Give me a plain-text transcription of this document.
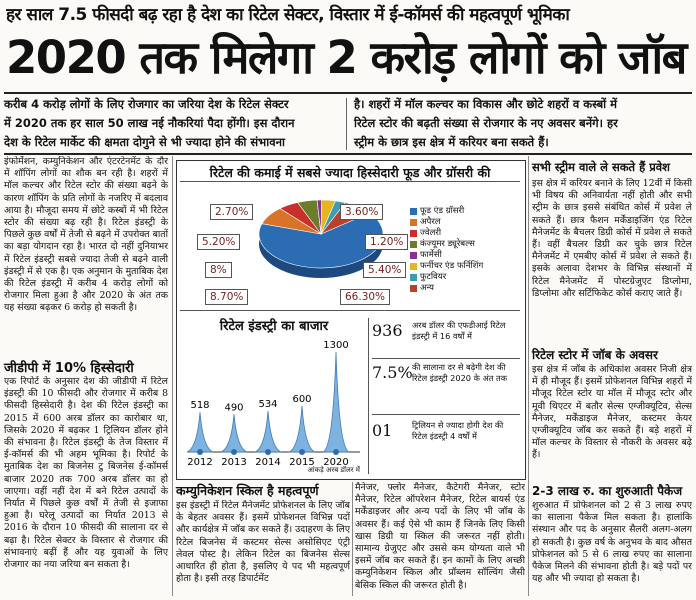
हर साल 7.5 फीसदी बढ़ रहा है देश का रिटेल सेक्टर, विस्तार में ई-कॉमर्स की महत्वपूर्ण भूमिका
2020 तक मिलेगा 2 करोड़ लोगों को जॉब
करीब 4 करोड़ लोगों के लिए रोजगार का जरिया देश के रिटेल सेक्टर
में 2020 तक हर साल 50 लाख नई नौकरियां पैदा होंगी। इस दौरान
देश के रिटेल मार्केट की क्षमता दोगुने से भी ज्यादा होने की संभावना
है। शहरों में मॉल कल्चर का विकास और छोटे शहरों व कस्बों में
रिटेल स्टोर की बढ़ती संख्या से रोजगार के नए अवसर बनेंगे। हर
स्ट्रीम के छात्र इस क्षेत्र में करियर बना सकते हैं।
इंफोर्मेशन, कम्युनिकेशन और एंटरटेनमेंट के दौर में शॉपिंग लोगों का शौक बन रही है। शहरों में मॉल कल्चर और रिटेल स्टोर की संख्या बढ़ने के कारण शॉपिंग के प्रति लोगों के नजरिए में बदलाव आया है। मौजूदा समय में छोटे कस्बों में भी रिटेल स्टोर की संख्या बढ़ रही है। रिटेल इंडस्ट्री के पिछले कुछ वर्षों में तेजी से बढ़ने में उपरोक्त बातों का बड़ा योगदान रहा है। भारत दो नहीं दुनियाभर में रिटेल इंडस्ट्री सबसे ज्यादा तेजी से बढ़ने वाली इंडस्ट्री में से एक है। एक अनुमान के मुताबिक देश की रिटेल इंडस्ट्री में करीब 4 करोड़ लोगों को रोजगार मिला हुआ है और 2020 के अंत तक यह संख्या बढ़कर 6 करोड़ हो सकती है।
जीडीपी में 10% हिस्सेदारी
एक रिपोर्ट के अनुसार देश की जीडीपी में रिटेल इंडस्ट्री की 10 फीसदी और रोजगार में करीब 8 फीसदी हिस्सेदारी है। देश की रिटेल इंडस्ट्री का 2015 में 600 अरब डॉलर का कारोबार था, जिसके 2020 में बढ़कर 1 ट्रिलियन डॉलर होने की संभावना है। रिटेल इंडस्ट्री के तेज विस्तार में ई-कॉमर्स की भी अहम भूमिका है। रिपोर्ट के मुताबिक देश का बिजनेस टु बिजनेस ई-कॉमर्स बाजार 2020 तक 700 अरब डॉलर का हो जाएगा। वहीं नहीं देश में बने रिटेल उत्पादों के निर्यात में पिछले कुछ वर्षों में तेजी से इजाफा हुआ है। घरेलू उत्पादों का निर्यात 2013 से 2016 के दौरान 10 फीसदी की सालाना दर से बढ़ा है। रिटेल सेक्टर के विस्तार से रोजगार की संभावनाएं बढ़ीं हैं और यह युवाओं के लिए रोजगार का नया जरिया बन सकता है।
रिटेल की कमाई में सबसे ज्यादा हिस्सेदारी फूड और ग्रॉसरी की
2.70%
5.20%
8%
8.70%
3.60%
1.20%
5.40%
66.30%
फूड एंड ग्रॉसरी
अपैरल
ज्वेलरी
कंज्यूमर ड्यूरेबल्स
फार्मेसी
फर्नीचर एंड फर्निशिंग
फुटवियर
अन्य
रिटेल इंडस्ट्री का बाजार
518
2012
490
2013
534
2014
600
2015
1300
2020
आंकड़े अरब डॉलर में
936	अरब डॉलर की एफडीआई रिटेल इंडस्ट्री में 16 वर्षों में
7.5% की सालाना दर से बढ़ेगी देश की रिटेल इंडस्ट्री 2020 के अंत तक
01	ट्रिलियन से ज्यादा होगी देश की रिटेल इंडस्ट्री 4 वर्षों में
कम्युनिकेशन स्किल है महत्वपूर्ण
इस इंडस्ट्री में रिटेल मैनेजमेंट प्रोफेशनल के लिए जॉब के बेहतर अवसर हैं। इसमें प्रोफेशनल विभिन्न पदों और कार्यक्षेत्र में जॉब कर सकते हैं। उदाहरण के लिए रिटेल बिजनेस में कस्टमर सेल्स असोसिएट एंट्री लेवल पोस्ट है। लेकिन रिटेल का बिजनेस सेल्स आधारित ही होता है, इसलिए ये पद भी महत्वपूर्ण होता है। इसी तरह डिपार्टमेंट
मैनेजर, फ्लोर मैनेजर, कैटेगरी मैनेजर, स्टोर मैनेजर, रिटेल ऑपरेशन मैनेजर, रिटेल बायर्स एंड मर्केंडाइजर और अन्य पदों के लिए भी जॉब के अवसर हैं। कई ऐसे भी काम हैं जिनके लिए किसी खास डिग्री या स्किल की जरूरत नहीं होती। सामान्य ग्रेजुएट और उससे कम योग्यता वाले भी इसमें जॉब कर सकते हैं। इन कामों के लिए अच्छी कम्युनिकेशन स्किल और प्रॉब्लम सॉल्विंग जैसी बेसिक स्किल की जरूरत होती है।
सभी स्ट्रीम वाले ले सकते हैं प्रवेश
इस क्षेत्र में करियर बनाने के लिए 12वीं में किसी भी विषय की अनिवार्यता नहीं होती और सभी स्ट्रीम के छात्र इससे संबंधित कोर्स में प्रवेश ले सकते हैं। छात्र फैशन मर्केंडाइजिंग एंड रिटेल मैनेजमेंट के बैचलर डिग्री कोर्स में प्रवेश ले सकते हैं। वहीं बैचलर डिग्री कर चुके छात्र रिटेल मैनेजमेंट में एमबीए कोर्स में प्रवेश ले सकते हैं। इसके अलावा देशभर के विभिन्न संस्थानों में रिटेल मैनेजमेंट में पोस्टग्रेजुएट डिप्लोमा, डिप्लोमा और सर्टिफिकेट कोर्स कराए जाते हैं।
रिटेल स्टोर में जॉब के अवसर
इस क्षेत्र में जॉब के अधिकांश अवसर निजी क्षेत्र में ही मौजूद हैं। इसमें प्रोफेशनल विभिन्न शहरों में मौजूद रिटेल स्टोर या मॉल में मौजूद स्टोर और मूवी थिएटर में बतौर सेल्स एग्जीक्यूटिव, सेल्स मैनेजर, मर्केंडाइज मैनेजर, कस्टमर केयर एग्जीक्यूटिव जॉब कर सकते हैं। बड़े शहरों में मॉल कल्चर के विस्तार से नौकरी के अवसर बढ़े हैं।
2-3 लाख रु. का शुरुआती पैकेज
शुरुआत में प्रोफेशनल को 2 से 3 लाख रुपए का सालाना पैकेज मिल सकता है। हालांकि संस्थान और पद के अनुसार सैलरी अलग-अलग हो सकती है। कुछ वर्ष के अनुभव के बाद औसत प्रोफेशनल को 5 से 6 लाख रुपए का सालाना पैकेज मिलने की संभावना होती है। बड़े पदों पर यह और भी ज्यादा हो सकता है।
